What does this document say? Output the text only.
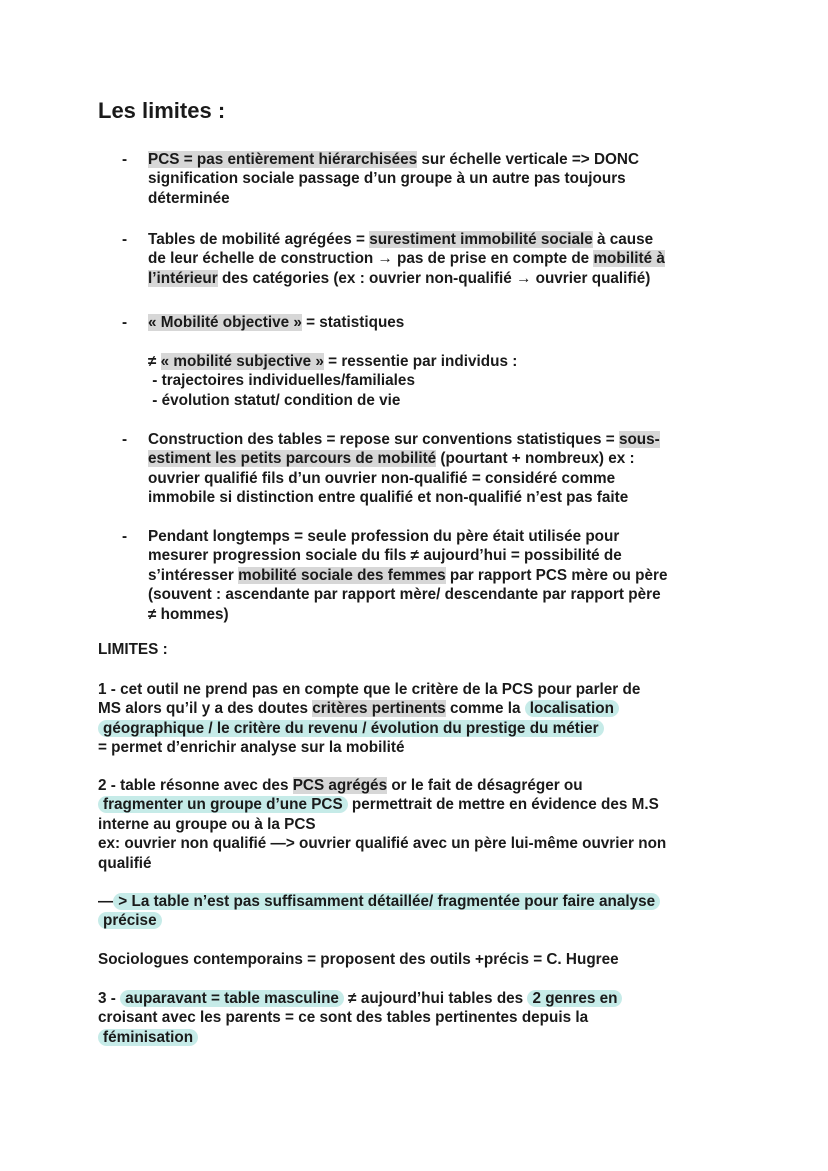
Les limites :
- PCS = pas entièrement hiérarchisées sur échelle verticale => DONC
signification sociale passage d’un groupe à un autre pas toujours
déterminée
- Tables de mobilité agrégées = surestiment immobilité sociale à cause
de leur échelle de construction → pas de prise en compte de mobilité à
l’intérieur des catégories (ex : ouvrier non-qualifié → ouvrier qualifié)
- « Mobilité objective » = statistiques
≠ « mobilité subjective » = ressentie par individus :
- trajectoires individuelles/familiales
- évolution statut/ condition de vie
- Construction des tables = repose sur conventions statistiques = sous-
estiment les petits parcours de mobilité (pourtant + nombreux) ex :
ouvrier qualifié fils d’un ouvrier non-qualifié = considéré comme
immobile si distinction entre qualifié et non-qualifié n’est pas faite
- Pendant longtemps = seule profession du père était utilisée pour
mesurer progression sociale du fils ≠ aujourd’hui = possibilité de
s’intéresser mobilité sociale des femmes par rapport PCS mère ou père
(souvent : ascendante par rapport mère/ descendante par rapport père
≠ hommes)
LIMITES :
1 - cet outil ne prend pas en compte que le critère de la PCS pour parler de
MS alors qu’il y a des doutes critères pertinents comme la localisation
géographique / le critère du revenu / évolution du prestige du métier
= permet d’enrichir analyse sur la mobilité
2 - table résonne avec des PCS agrégés or le fait de désagréger ou
fragmenter un groupe d’une PCS permettrait de mettre en évidence des M.S
interne au groupe ou à la PCS
ex: ouvrier non qualifié —> ouvrier qualifié avec un père lui-même ouvrier non
qualifié
— > La table n’est pas suffisamment détaillée/ fragmentée pour faire analyse
précise
Sociologues contemporains = proposent des outils +précis = C. Hugree
3 - auparavant = table masculine ≠ aujourd’hui tables des 2 genres en
croisant avec les parents = ce sont des tables pertinentes depuis la
féminisation
